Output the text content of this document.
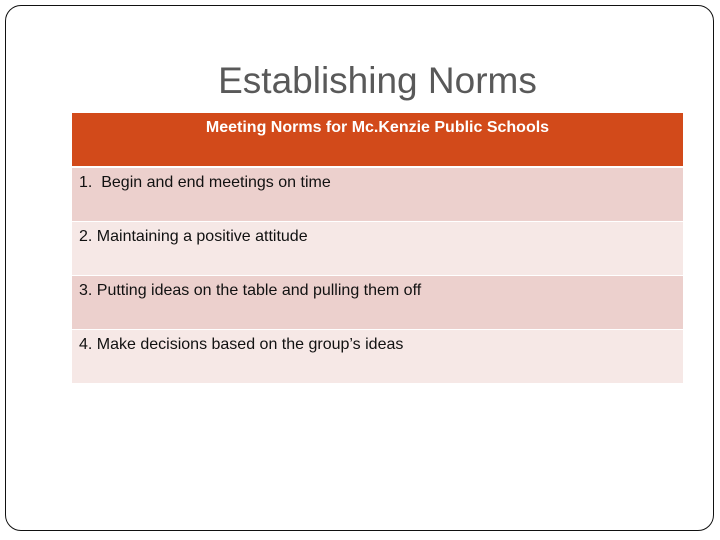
Establishing Norms
Meeting Norms for Mc.Kenzie Public Schools
1.  Begin and end meetings on time
2. Maintaining a positive attitude
3. Putting ideas on the table and pulling them off
4. Make decisions based on the group’s ideas
